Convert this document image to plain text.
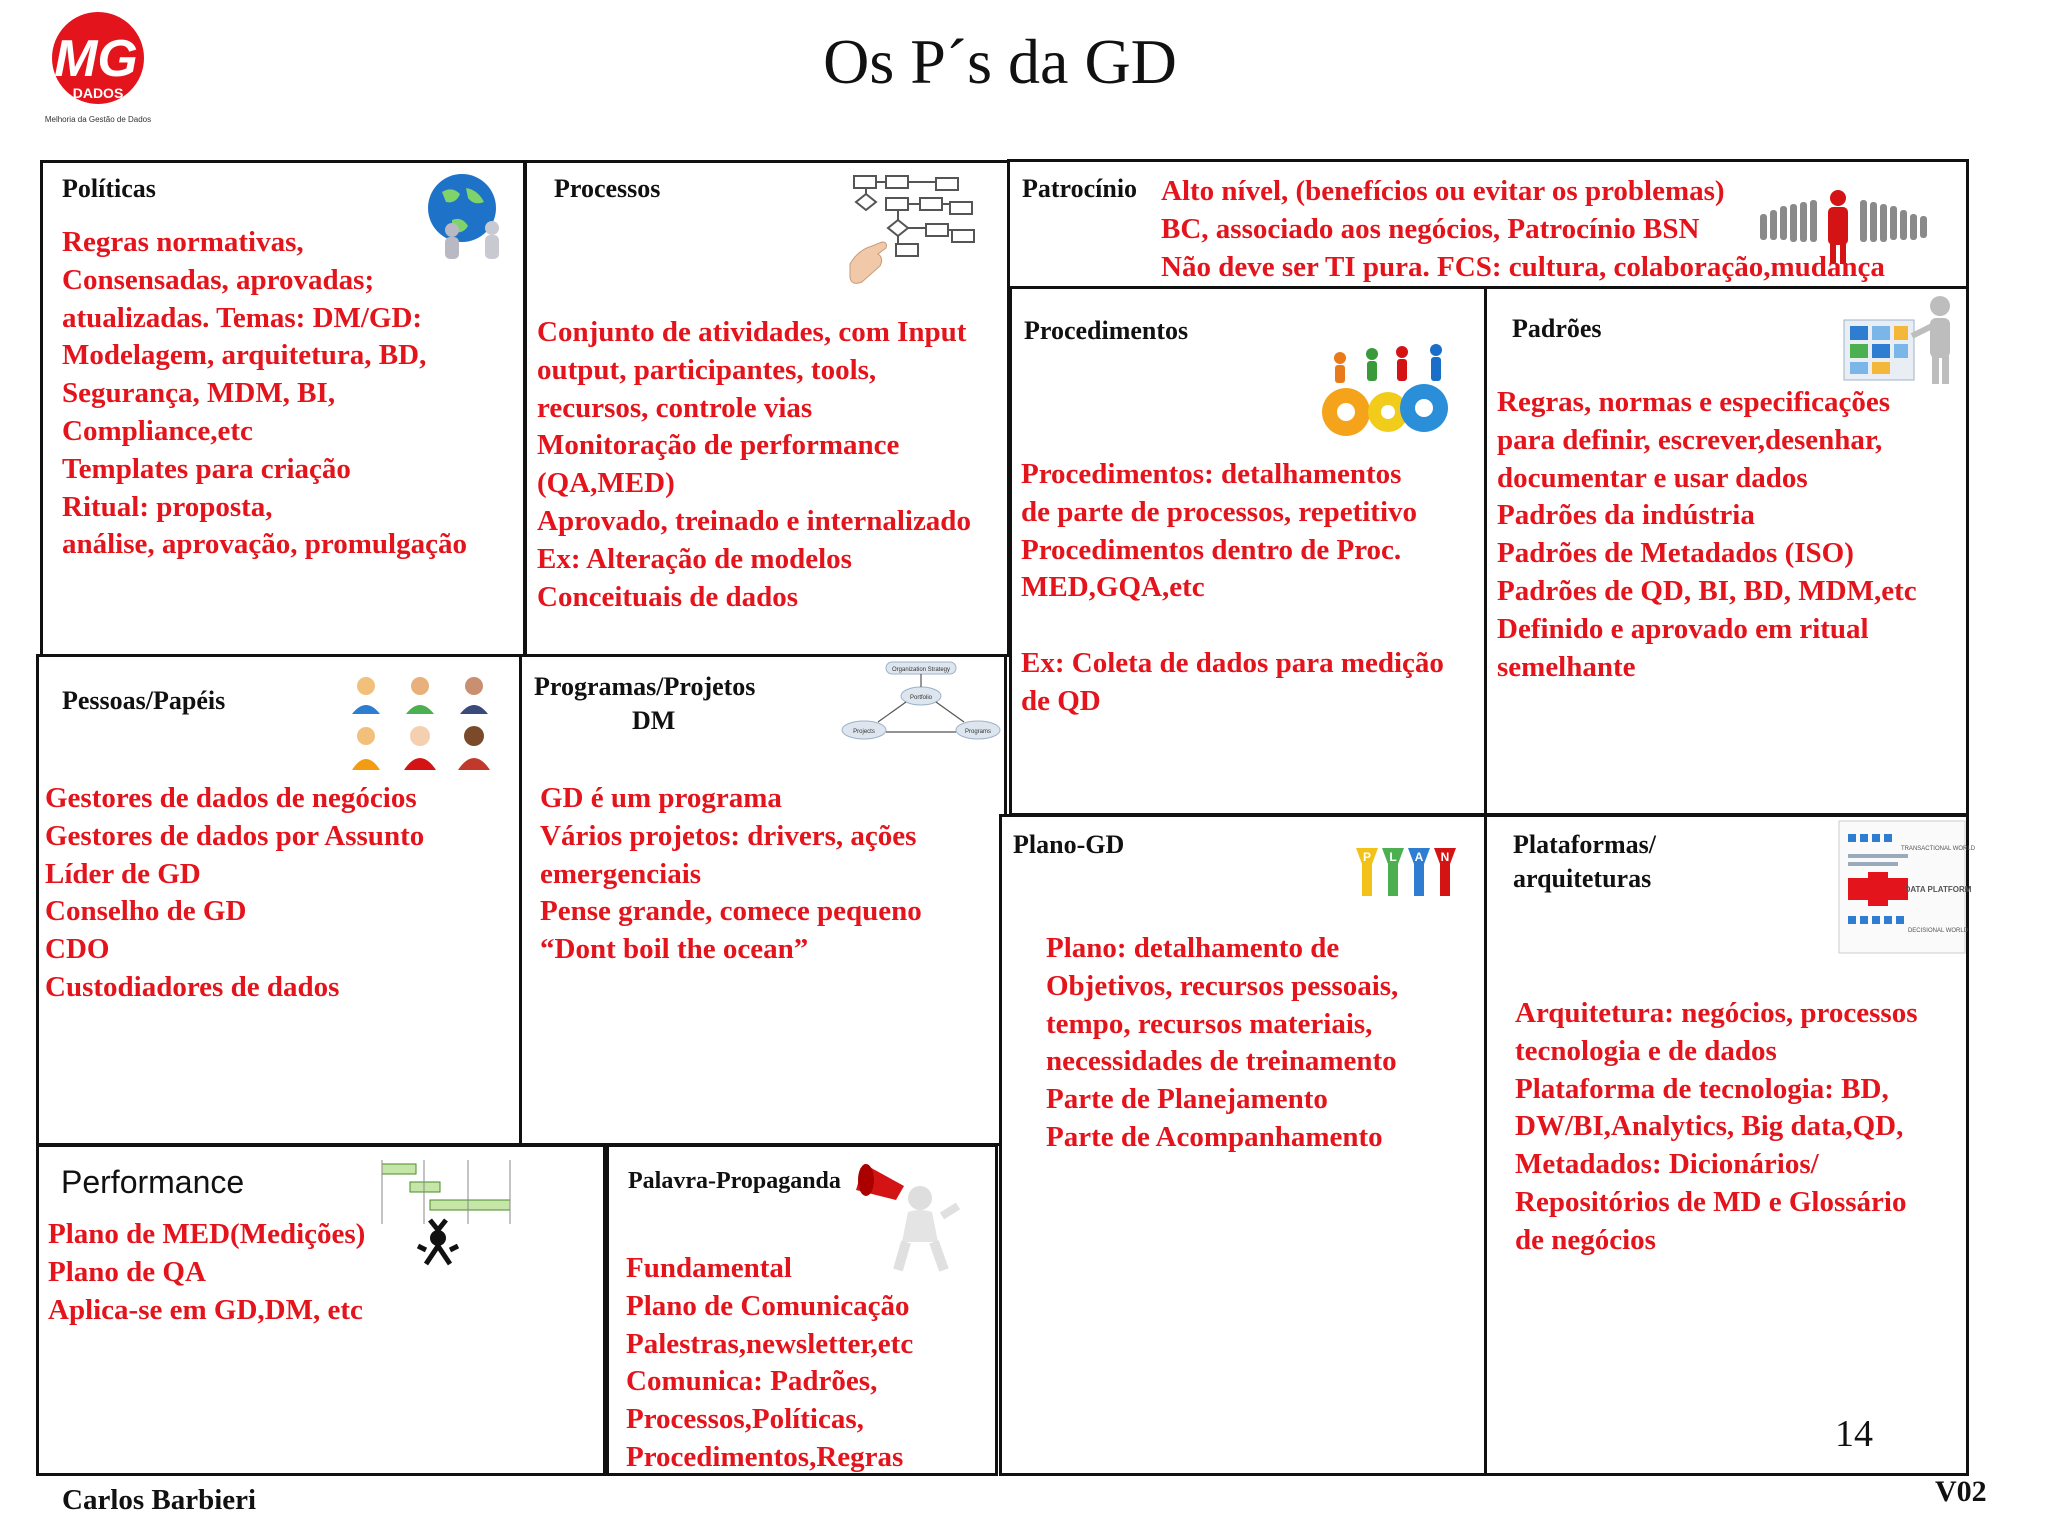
MG
DADOS
Melhoria da Gestão de Dados
Os P´s da GD
Políticas
Regras normativas,
Consensadas, aprovadas;
atualizadas. Temas: DM/GD:
Modelagem, arquitetura, BD,
Segurança, MDM, BI,
Compliance,etc
Templates para criação
Ritual: proposta,
análise, aprovação, promulgação
Processos
Conjunto de atividades, com Input
output, participantes, tools,
recursos, controle vias
Monitoração de performance
(QA,MED)
Aprovado, treinado e internalizado
Ex: Alteração de modelos
Conceituais de dados
Patrocínio Alto nível, (benefícios ou evitar os problemas)
BC, associado aos negócios, Patrocínio BSN
Não deve ser TI pura. FCS: cultura, colaboração,mudança
Procedimentos
Procedimentos: detalhamentos
de parte de processos, repetitivo
Procedimentos dentro de Proc.
MED,GQA,etc
Ex: Coleta de dados para medição
de QD
Padrões
Regras, normas e especificações
para definir, escrever,desenhar,
documentar e usar dados
Padrões da indústria
Padrões de Metadados (ISO)
Padrões de QD, BI, BD, MDM,etc
Definido e aprovado em ritual
semelhante
Pessoas/Papéis
Gestores de dados de negócios
Gestores de dados por Assunto
Líder de GD
Conselho de GD
CDO
Custodiadores de dados
Programas/Projetos
DM
Organization Strategy
Portfolio
Projects	Programs
GD é um programa
Vários projetos: drivers, ações
emergenciais
Pense grande, comece pequeno
“Dont boil the ocean”
Plano-GD	P L A N
Plano: detalhamento de
Objetivos, recursos pessoais,
tempo, recursos materiais,
necessidades de treinamento
Parte de Planejamento
Parte de Acompanhamento
Plataformas/
arquiteturas
TRANSACTIONAL WORLD
DATA PLATFORM
DECISIONAL WORLD
Arquitetura: negócios, processos
tecnologia e de dados
Plataforma de tecnologia: BD,
DW/BI,Analytics, Big data,QD,
Metadados: Dicionários/
Repositórios de MD e Glossário
de negócios
14
Performance
Plano de MED(Medições)
Plano de QA
Aplica-se em GD,DM, etc
Palavra-Propaganda
Fundamental
Plano de Comunicação
Palestras,newsletter,etc
Comunica: Padrões,
Processos,Políticas,
Procedimentos,Regras
Carlos Barbieri	V02
